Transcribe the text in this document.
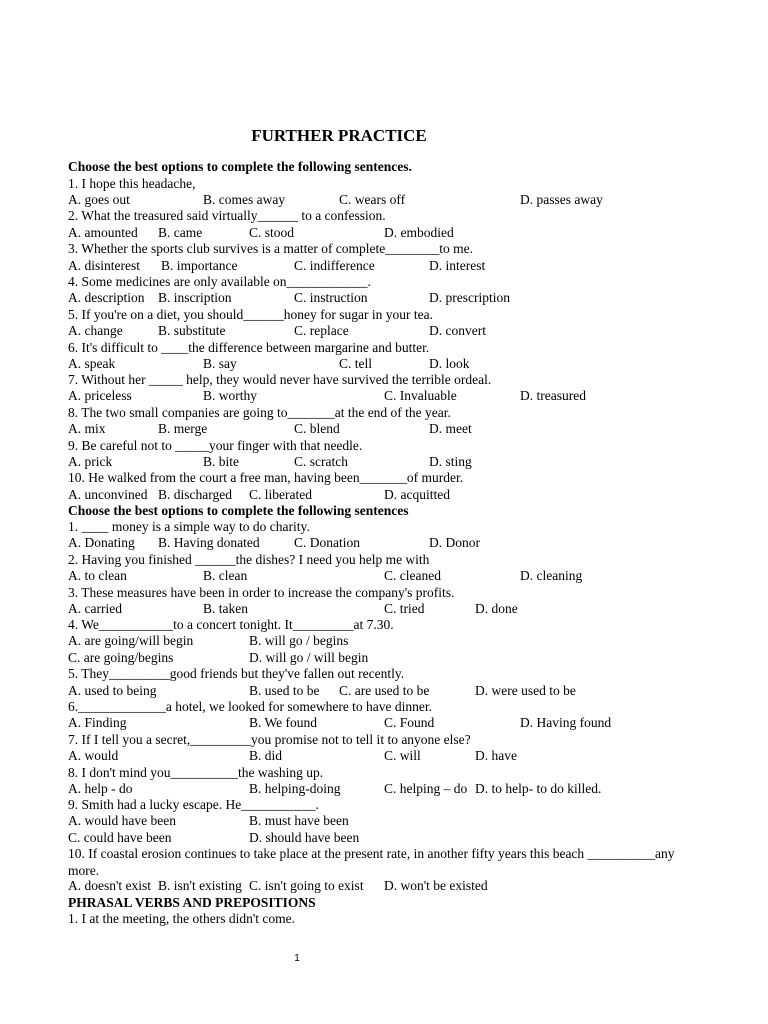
FURTHER PRACTICE
Choose the best options to complete the following sentences.
1. I hope this headache,
A. goes out	B. comes away	C. wears off	D. passes away
2. What the treasured said virtually______ to a confession.
A. amounted B. came	C. stood	D. embodied
3. Whether the sports club survives is a matter of complete________to me.
A. disinterest B. importance	C. indifference	D. interest
4. Some medicines are only available on____________.
A. description B. inscription	C. instruction	D. prescription
5. If you're on a diet, you should______honey for sugar in your tea.
A. change	B. substitute	C. replace	D. convert
6. It's difficult to ____the difference between margarine and butter.
A. speak	B. say	C. tell	D. look
7. Without her _____ help, they would never have survived the terrible ordeal.
A. priceless	B. worthy	C. Invaluable	D. treasured
8. The two small companies are going to_______at the end of the year.
A. mix	B. merge	C. blend	D. meet
9. Be careful not to _____your finger with that needle.
A. prick	B. bite	C. scratch	D. sting
10. He walked from the court a free man, having been_______of murder.
A. unconvined B. discharged C. liberated	D. acquitted
Choose the best options to complete the following sentences
1. ____ money is a simple way to do charity.
A. Donating B. Having donated	C. Donation	D. Donor
2. Having you finished ______the dishes? I need you help me with
A. to clean	B. clean	C. cleaned	D. cleaning
3. These measures have been in order to increase the company's profits.
A. carried	B. taken	C. tried	D. done
4. We___________to a concert tonight. It_________at 7.30.
A. are going/will begin	B. will go / begins
C. are going/begins	D. will go / will begin
5. They_________good friends but they've fallen out recently.
A. used to being	B. used to be C. are used to be	D. were used to be
6._____________a hotel, we looked for somewhere to have dinner.
A. Finding	B. We found	C. Found	D. Having found
7. If I tell you a secret,_________you promise not to tell it to anyone else?
A. would	B. did	C. will	D. have
8. I don't mind you__________the washing up.
A. help - do	B. helping-doing	C. helping – do D. to help- to do killed.
9. Smith had a lucky escape. He___________.
A. would have been	B. must have been
C. could have been	D. should have been
10. If coastal erosion continues to take place at the present rate, in another fifty years this beach __________any
more.
A. doesn't exist B. isn't existing C. isn't going to exist D. won't be existed
PHRASAL VERBS AND PREPOSITIONS
1. I at the meeting, the others didn't come.
1
